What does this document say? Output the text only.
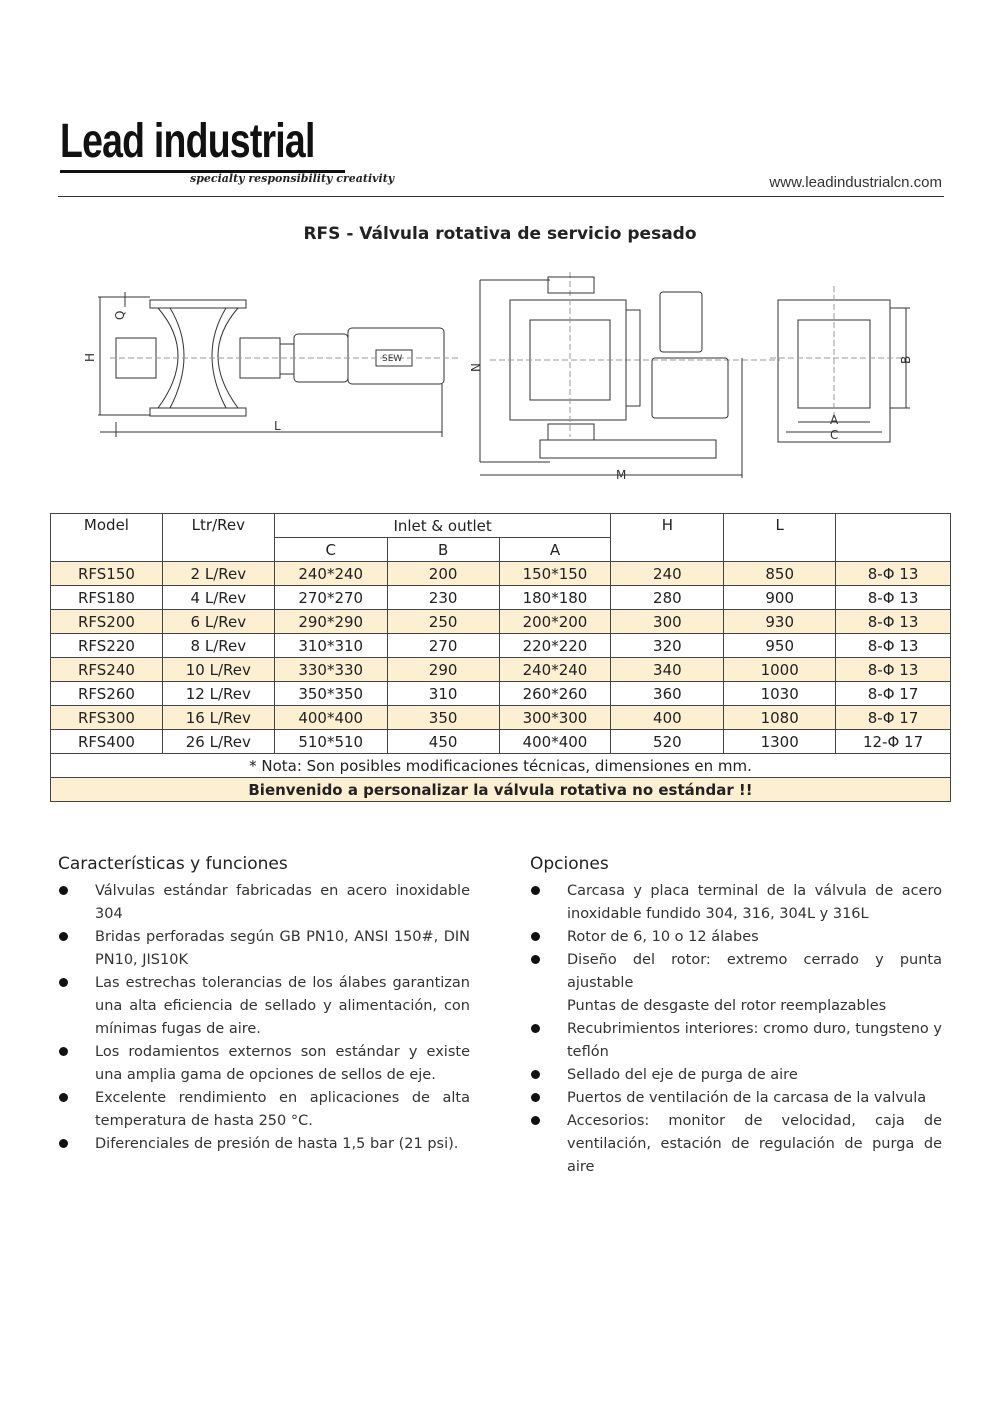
Lead industrial
specialty responsibility creativity	www.leadindustrialcn.com
RFS - Válvula rotativa de servicio pesado
H
Q
L
SEW
N
M
B
A
C
Model	Ltr/Rev	Inlet & outlet			H	L	
		C	B	A			
RFS150	2 L/Rev	240*240	200	150*150	240	850	8-Φ 13
RFS180	4 L/Rev	270*270	230	180*180	280	900	8-Φ 13
RFS200	6 L/Rev	290*290	250	200*200	300	930	8-Φ 13
RFS220	8 L/Rev	310*310	270	220*220	320	950	8-Φ 13
RFS240	10 L/Rev	330*330	290	240*240	340	1000	8-Φ 13
RFS260	12 L/Rev	350*350	310	260*260	360	1030	8-Φ 17
RFS300	16 L/Rev	400*400	350	300*300	400	1080	8-Φ 17
RFS400	26 L/Rev	510*510	450	400*400	520	1300	12-Φ 17
* Nota: Son posibles modificaciones técnicas, dimensiones en mm.							
Bienvenido a personalizar la válvula rotativa no estándar !!							
Características y funciones
Válvulas estándar fabricadas en acero inoxidable 304
Bridas perforadas según GB PN10, ANSI 150#, DIN PN10, JIS10K
Las estrechas tolerancias de los álabes garantizan una alta eficiencia de sellado y alimentación, con mínimas fugas de aire.
Los rodamientos externos son estándar y existe una amplia gama de opciones de sellos de eje.
Excelente rendimiento en aplicaciones de alta temperatura de hasta 250 °C.
Diferenciales de presión de hasta 1,5 bar (21 psi).
Opciones
Carcasa y placa terminal de la válvula de acero inoxidable fundido 304, 316, 304L y 316L
Rotor de 6, 10 o 12 álabes
Diseño del rotor: extremo cerrado y punta ajustable
Puntas de desgaste del rotor reemplazables
Recubrimientos interiores: cromo duro, tungsteno y teflón
Sellado del eje de purga de aire
Puertos de ventilación de la carcasa de la valvula
Accesorios: monitor de velocidad, caja de ventilación, estación de regulación de purga de aire
